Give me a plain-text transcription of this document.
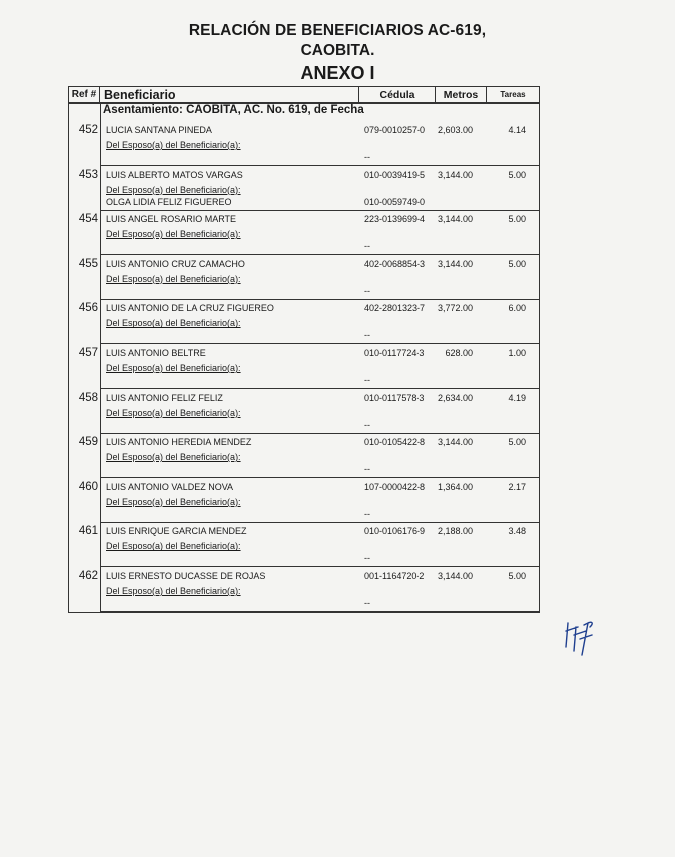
RELACIÓN DE BENEFICIARIOS AC-619,
CAOBITA.
ANEXO I
Ref # Beneficiario	Cédula	Metros	Tareas
Asentamiento: CAOBITA, AC. No. 619, de Fecha
452 LUCIA SANTANA PINEDA	079-0010257-0	2,603.00	4.14
Del Esposo(a) del Beneficiario(a):
--
453 LUIS ALBERTO MATOS VARGAS	010-0039419-5	3,144.00	5.00
Del Esposo(a) del Beneficiario(a):
OLGA LIDIA FELIZ FIGUEREO	010-0059749-0
454 LUIS ANGEL ROSARIO MARTE	223-0139699-4	3,144.00	5.00
Del Esposo(a) del Beneficiario(a):
--
455 LUIS ANTONIO CRUZ CAMACHO	402-0068854-3	3,144.00	5.00
Del Esposo(a) del Beneficiario(a):
--
456 LUIS ANTONIO DE LA CRUZ FIGUEREO	402-2801323-7	3,772.00	6.00
Del Esposo(a) del Beneficiario(a):
--
457 LUIS ANTONIO BELTRE	010-0117724-3	628.00	1.00
Del Esposo(a) del Beneficiario(a):
--
458 LUIS ANTONIO FELIZ FELIZ	010-0117578-3	2,634.00	4.19
Del Esposo(a) del Beneficiario(a):
--
459 LUIS ANTONIO HEREDIA MENDEZ	010-0105422-8	3,144.00	5.00
Del Esposo(a) del Beneficiario(a):
--
460 LUIS ANTONIO VALDEZ NOVA	107-0000422-8	1,364.00	2.17
Del Esposo(a) del Beneficiario(a):
--
461 LUIS ENRIQUE GARCIA MENDEZ	010-0106176-9	2,188.00	3.48
Del Esposo(a) del Beneficiario(a):
--
462 LUIS ERNESTO DUCASSE DE ROJAS	001-1164720-2	3,144.00	5.00
Del Esposo(a) del Beneficiario(a):
--
